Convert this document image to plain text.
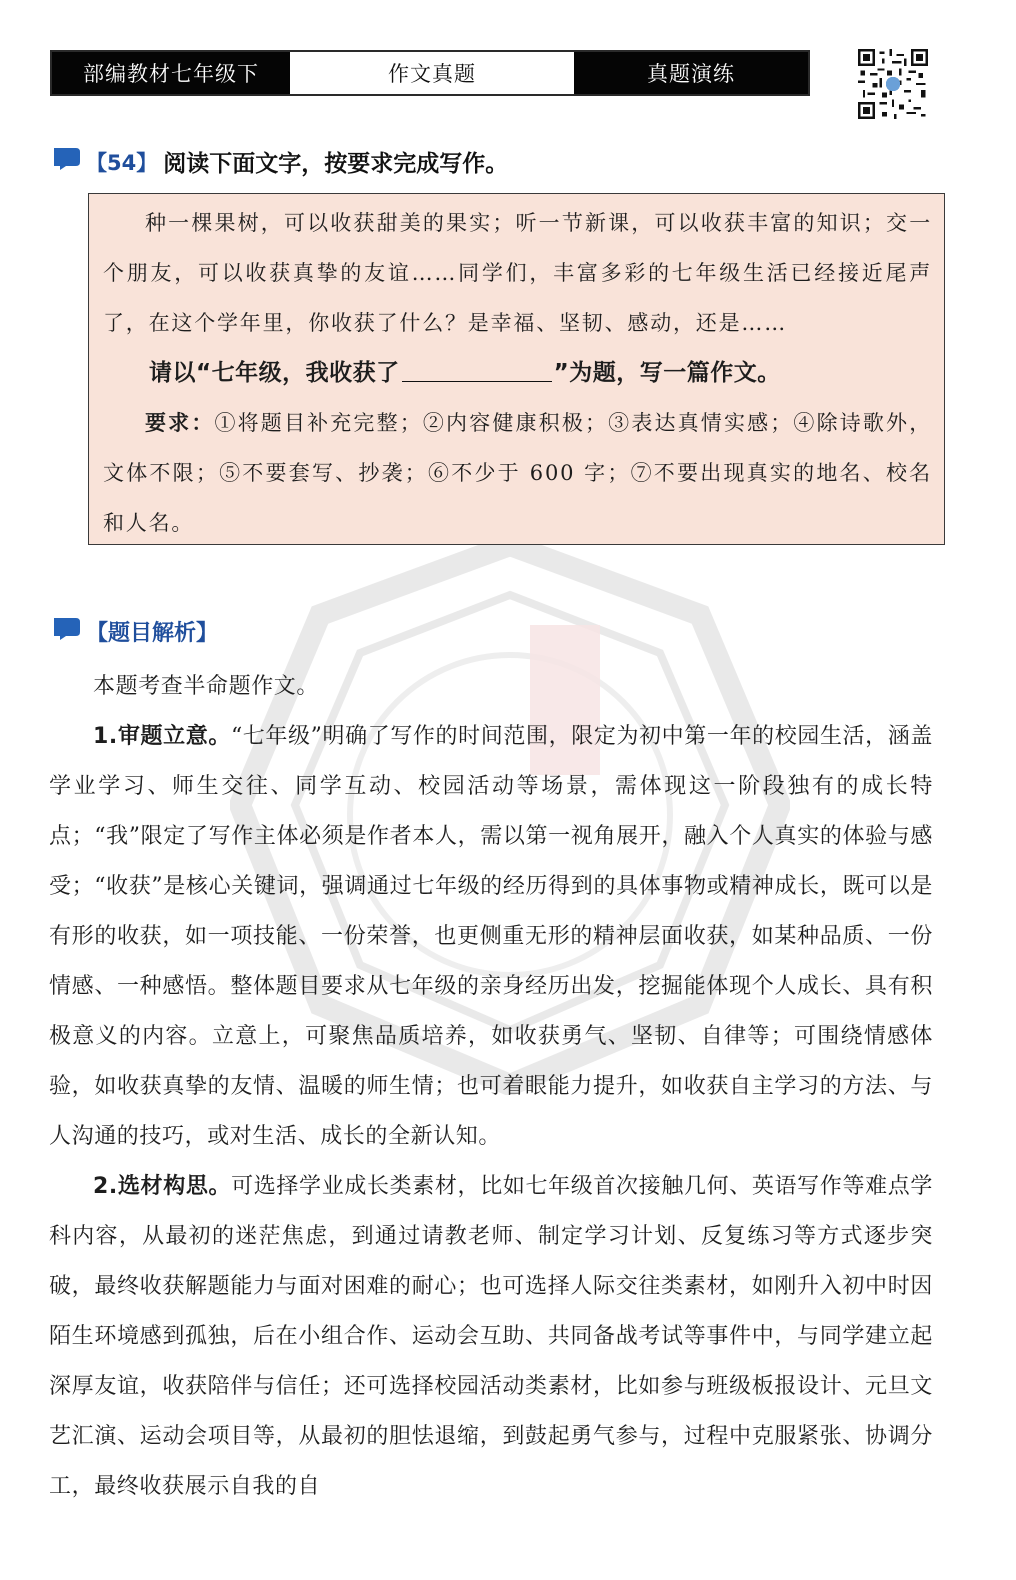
部编教材七年级下	作文真题	真题演练
【54】 阅读下面文字，按要求完成写作。

种一棵果树，可以收获甜美的果实；听一节新课，可以收获丰富的知识；交一个朋友，可以收获真挚的友谊……同学们，丰富多彩的七年级生活已经接近尾声了，在这个学年里，你收获了什么？是幸福、坚韧、感动，还是……

请以“七年级，我收获了	”为题，写一篇作文。

要求：①将题目补充完整；②内容健康积极；③表达真情实感；④除诗歌外，文体不限；⑤不要套写、抄袭；⑥不少于 600 字；⑦不要出现真实的地名、校名和人名。

【题目解析】

本题考查半命题作文。

1.审题立意。“七年级”明确了写作的时间范围，限定为初中第一年的校园生活，涵盖学业学习、师生交往、同学互动、校园活动等场景，需体现这一阶段独有的成长特点；“我”限定了写作主体必须是作者本人，需以第一视角展开，融入个人真实的体验与感受；“收获”是核心关键词，强调通过七年级的经历得到的具体事物或精神成长，既可以是有形的收获，如一项技能、一份荣誉，也更侧重无形的精神层面收获，如某种品质、一份情感、一种感悟。整体题目要求从七年级的亲身经历出发，挖掘能体现个人成长、具有积极意义的内容。立意上，可聚焦品质培养，如收获勇气、坚韧、自律等；可围绕情感体验，如收获真挚的友情、温暖的师生情；也可着眼能力提升，如收获自主学习的方法、与人沟通的技巧，或对生活、成长的全新认知。

2.选材构思。可选择学业成长类素材，比如七年级首次接触几何、英语写作等难点学科内容，从最初的迷茫焦虑，到通过请教老师、制定学习计划、反复练习等方式逐步突破，最终收获解题能力与面对困难的耐心；也可选择人际交往类素材，如刚升入初中时因陌生环境感到孤独，后在小组合作、运动会互助、共同备战考试等事件中，与同学建立起深厚友谊，收获陪伴与信任；还可选择校园活动类素材，比如参与班级板报设计、元旦文艺汇演、运动会项目等，从最初的胆怯退缩，到鼓起勇气参与，过程中克服紧张、协调分工，最终收获展示自我的自
